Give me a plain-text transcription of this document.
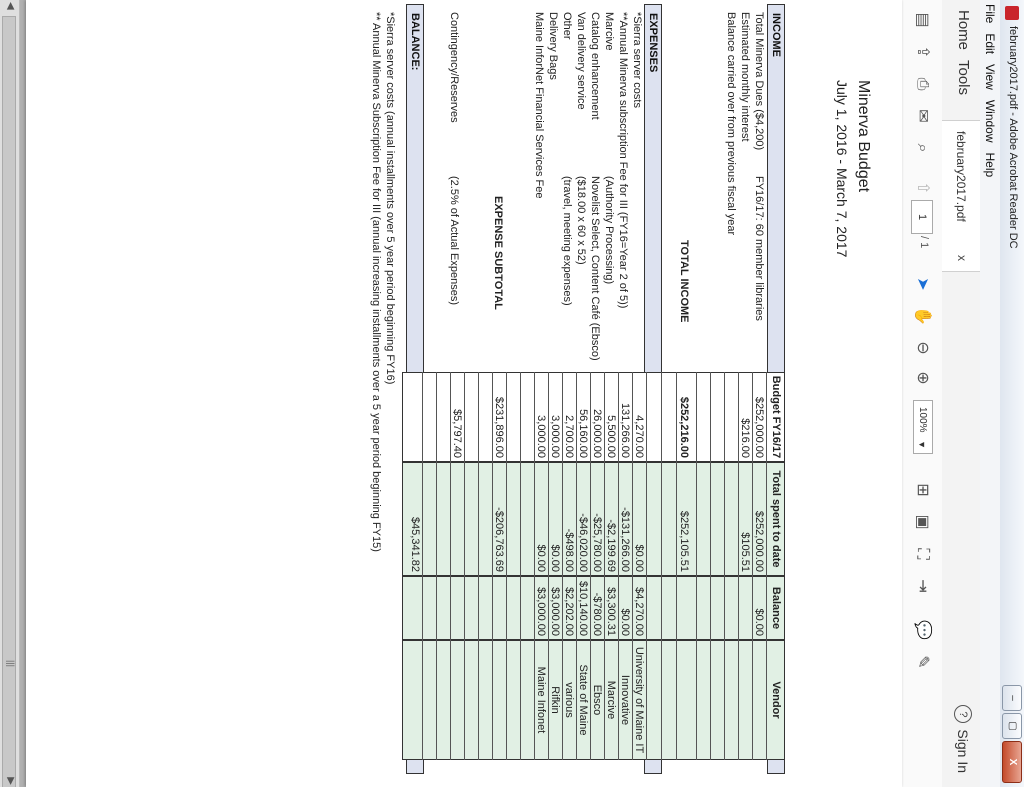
february2017.pdf - Adobe Acrobat Reader DC
–
▢
X
File
Edit
View
Window
Help
Home
Tools
february2017.pdf
x
?
Sign In
▤
⇪
⎙
✉
⌕
⇧
1
/ 1
➤
✋
⊖
⊕
100%
▼
⊞
▣
⛶
⇥
💬
✎
Minerva Budget
July 1, 2016 - March 7, 2017
INCOME
EXPENSES
BALANCE:	Total Minerva Dues ($4,200)
FY16/17: 60 member libraries
Estimated monthly interest
Balance carried over from previous fiscal year
TOTAL INCOME
*Sierra server costs
**Annual Minerva subscription Fee for III (FY16=Year 2 of 5))
Marcive
(Authority Processing)
Catalog enhancement
Novelist Select, Content Café (Ebsco)
Van delivery service
($18.00 x 60 x 52)
Other
(travel, meeting expenses)
Delivery Bags
Maine InforNet Financial Services Fee
EXPENSE SUBTOTAL
Contingency/Reserves
(2.5% of Actual Expenses)
Budget FY16/17
Total spent to date
Balance
Vendor
$252,000.00
$252,000.00
$0.00
$216.00
$105.51
$252,216.00
$252,105.51
4,270.00
$0.00
$4,270.00
University of Maine IT
131,266.00
-$131,266.00
$0.00
Innovative
5,500.00
-$2,199.69
$3,300.31
Marcive
26,000.00
-$25,780.00
-$780.00
Ebsco
56,160.00
-$46,020.00
$10,140.00
State of Maine
2,700.00
-$498.00
$2,202.00
various
3,000.00
$0.00
$3,000.00
Rifkin
3,000.00
$0.00
$3,000.00
Maine Infonet
$231,896.00
-$206,763.69
$5,797.40
$45,341.82
*Sierra server costs (annual installments over 5 year period beginning FY16)
** Annual Minerva Subscription Fee for III (annual increasing installments over a 5 year period beginning FY15)
◀
|||
▶
